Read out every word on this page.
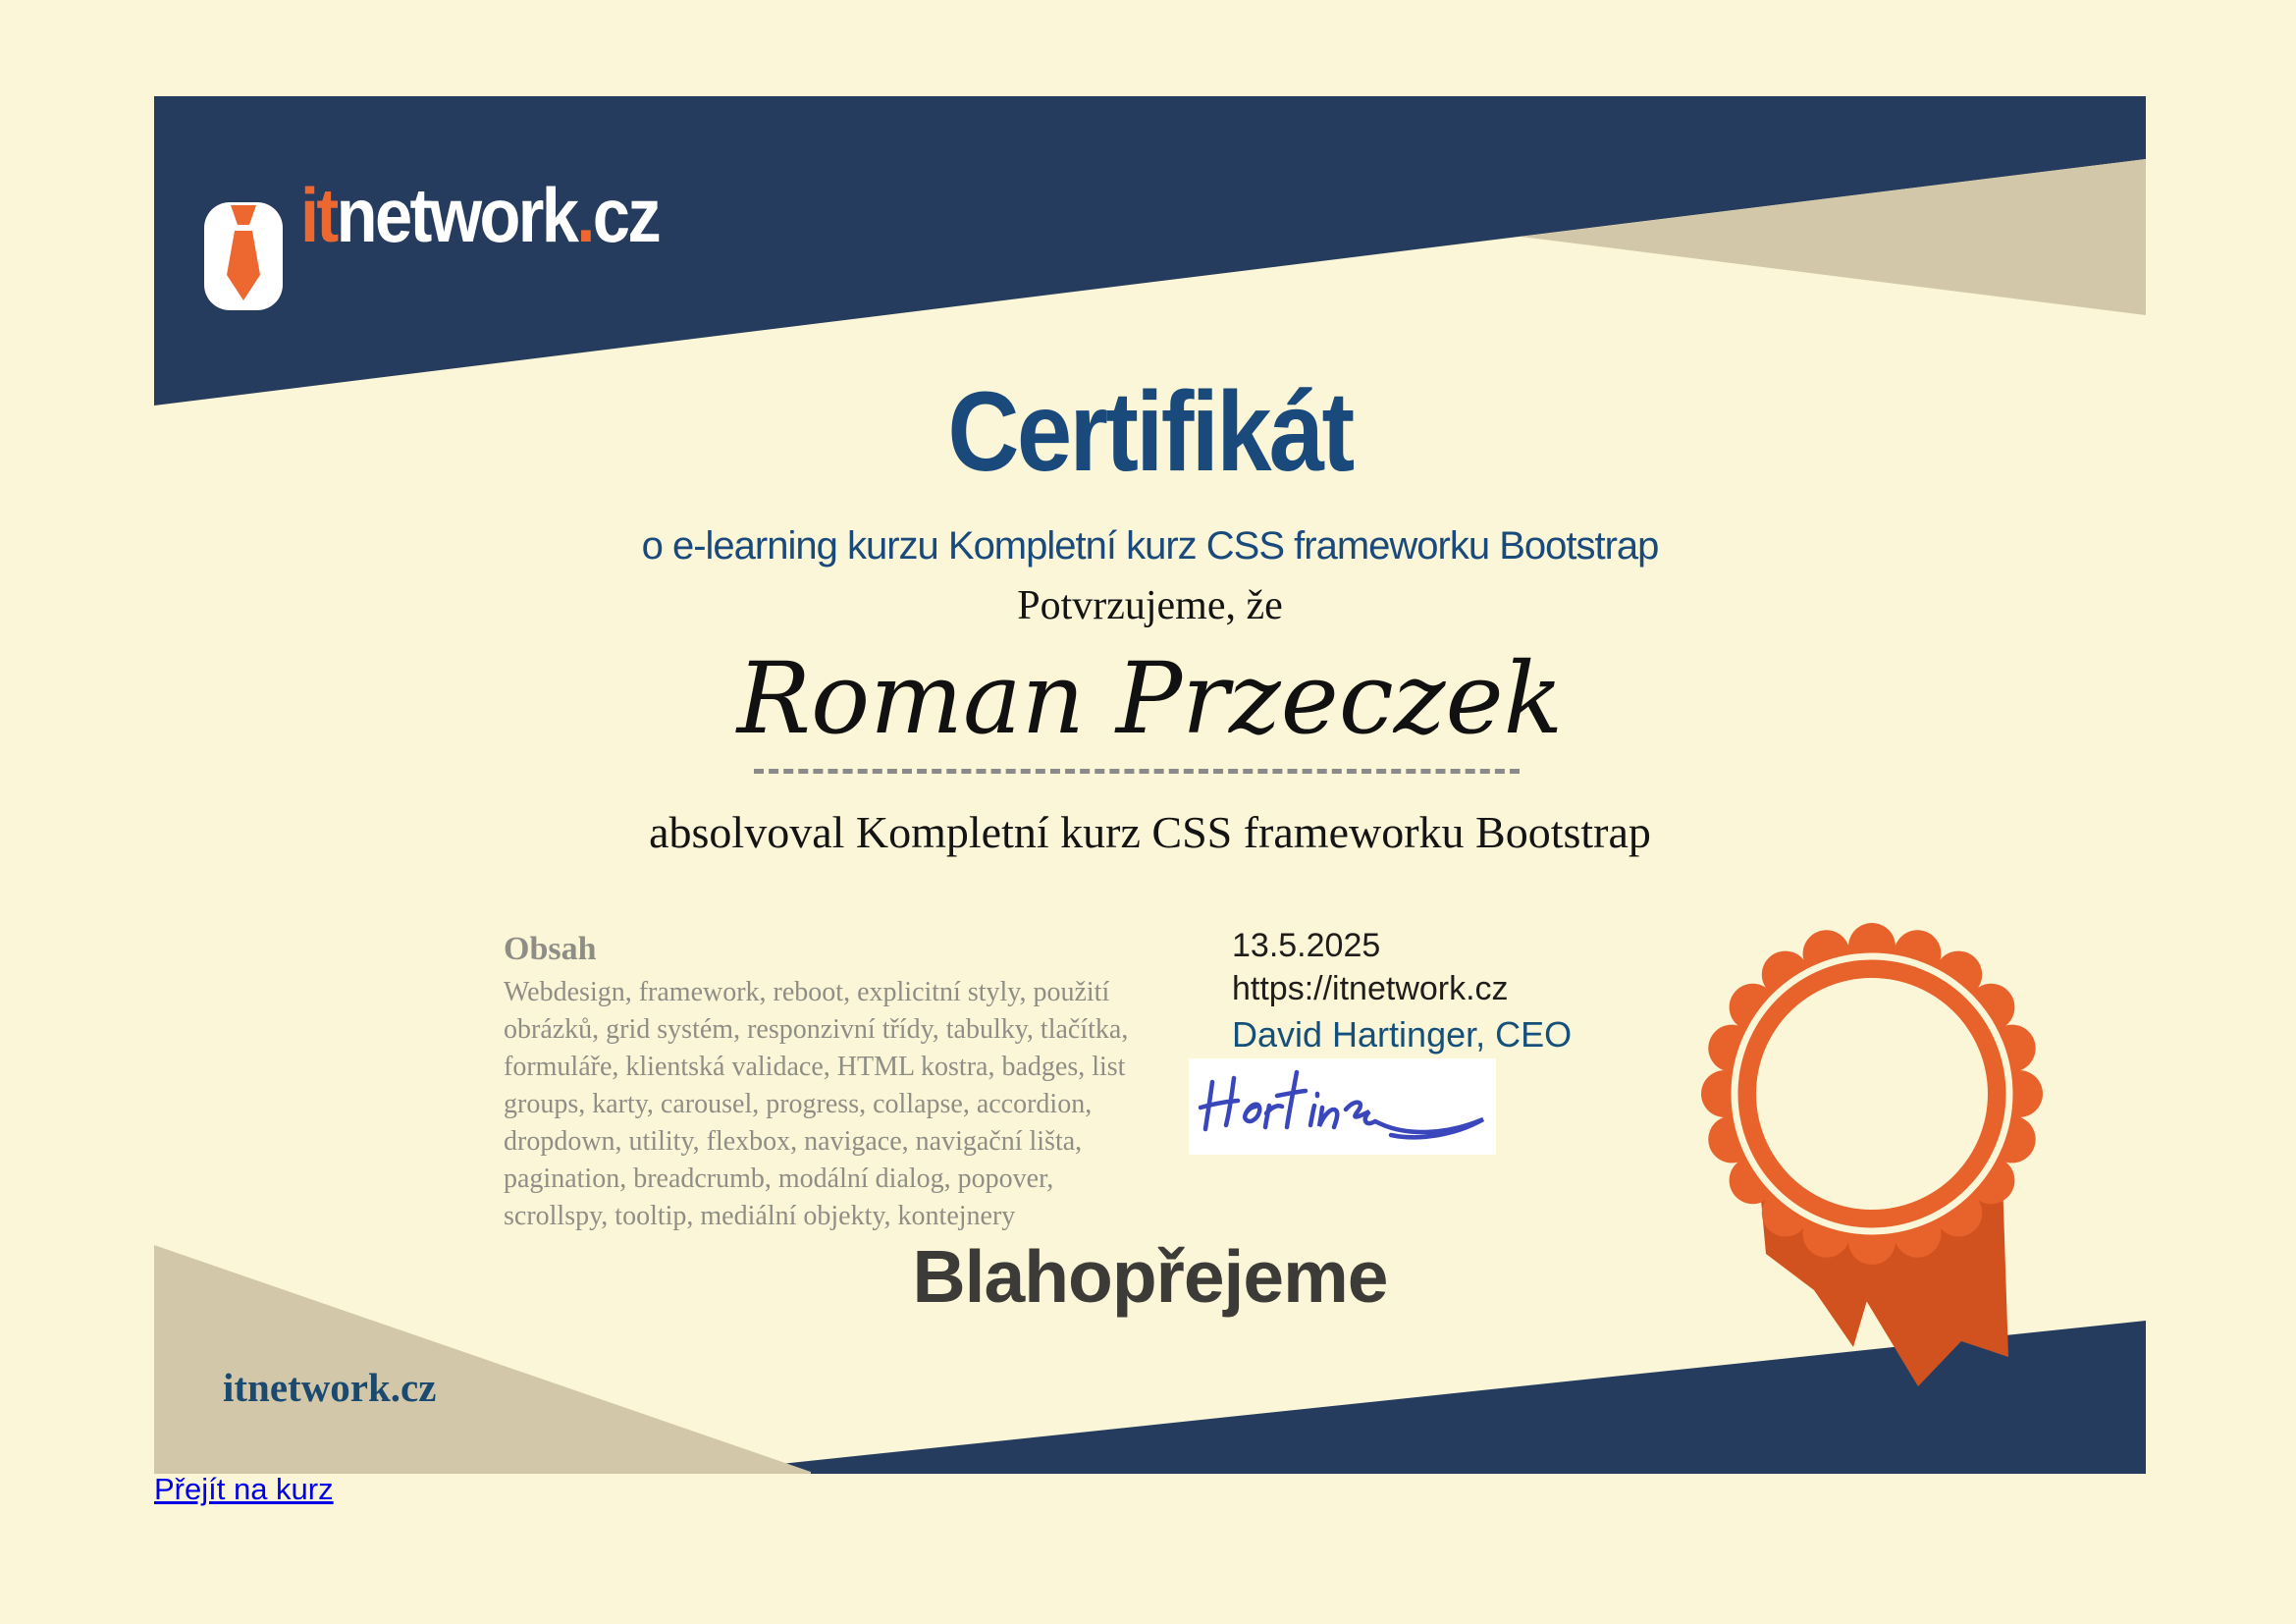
itnetwork.cz
Certifikát
o e-learning kurzu Kompletní kurz CSS frameworku Bootstrap
Potvrzujeme, že
Roman Przeczek
absolvoval Kompletní kurz CSS frameworku Bootstrap
Obsah

Webdesign, framework, reboot, explicitní styly, použití obrázků, grid systém, responzivní třídy, tabulky, tlačítka, formuláře, klientská validace, HTML kostra, badges, list groups, karty, carousel, progress, collapse, accordion, dropdown, utility, flexbox, navigace, navigační lišta, pagination, breadcrumb, modální dialog, popover, scrollspy, tooltip, mediální objekty, kontejnery

13.5.2025
https://itnetwork.cz
David Hartinger, CEO
Blahopřejeme
itnetwork.cz
Přejít na kurz
